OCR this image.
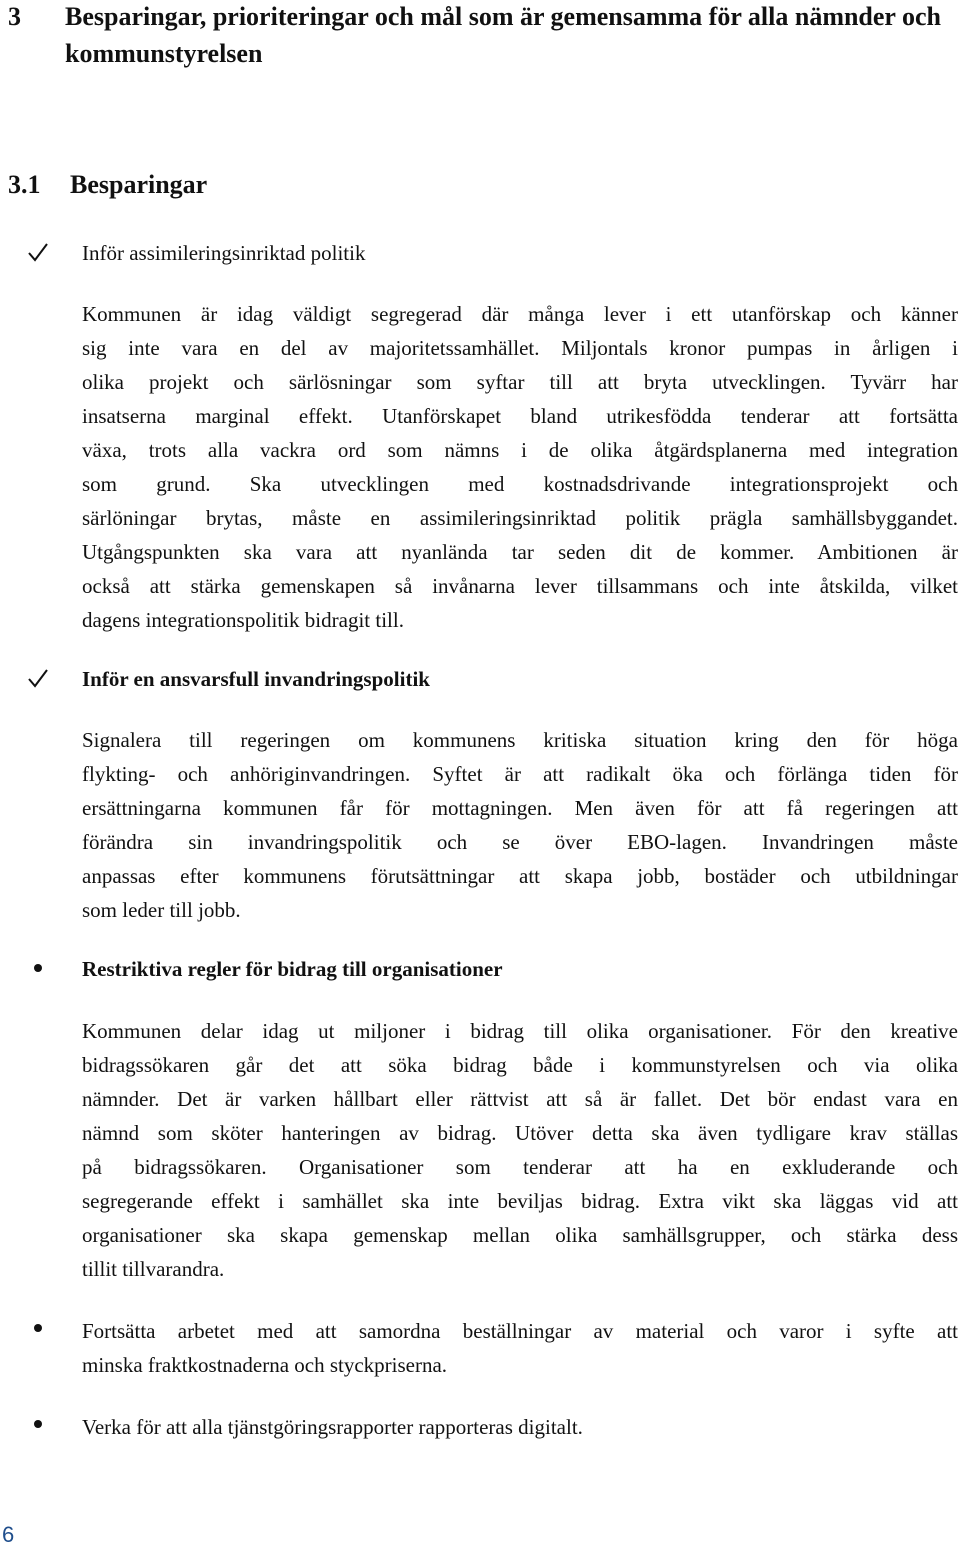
3 Besparingar, prioriteringar och mål som är gemensamma för alla nämnder och kommunstyrelsen
3.1 Besparingar
Inför assimileringsinriktad politik
Kommunen är idag väldigt segregerad där många lever i ett utanförskap och känner
sig inte vara en del av majoritetssamhället. Miljontals kronor pumpas in årligen i
olika projekt och särlösningar som syftar till att bryta utvecklingen. Tyvärr har
insatserna marginal effekt. Utanförskapet bland utrikesfödda tenderar att fortsätta
växa, trots alla vackra ord som nämns i de olika åtgärdsplanerna med integration
som grund. Ska utvecklingen med kostnadsdrivande integrationsprojekt och
särlöningar brytas, måste en assimileringsinriktad politik prägla samhällsbyggandet.
Utgångspunkten ska vara att nyanlända tar seden dit de kommer. Ambitionen är
också att stärka gemenskapen så invånarna lever tillsammans och inte åtskilda, vilket
dagens integrationspolitik bidragit till.
Inför en ansvarsfull invandringspolitik
Signalera till regeringen om kommunens kritiska situation kring den för höga
flykting- och anhöriginvandringen. Syftet är att radikalt öka och förlänga tiden för
ersättningarna kommunen får för mottagningen. Men även för att få regeringen att
förändra sin invandringspolitik och se över EBO-lagen. Invandringen måste
anpassas efter kommunens förutsättningar att skapa jobb, bostäder och utbildningar
som leder till jobb.
Restriktiva regler för bidrag till organisationer
Kommunen delar idag ut miljoner i bidrag till olika organisationer. För den kreative
bidragssökaren går det att söka bidrag både i kommunstyrelsen och via olika
nämnder. Det är varken hållbart eller rättvist att så är fallet. Det bör endast vara en
nämnd som sköter hanteringen av bidrag. Utöver detta ska även tydligare krav ställas
på bidragssökaren. Organisationer som tenderar att ha en exkluderande och
segregerande effekt i samhället ska inte beviljas bidrag. Extra vikt ska läggas vid att
organisationer ska skapa gemenskap mellan olika samhällsgrupper, och stärka dess
tillit tillvarandra.
Fortsätta arbetet med att samordna beställningar av material och varor i syfte att
minska fraktkostnaderna och styckpriserna.
Verka för att alla tjänstgöringsrapporter rapporteras digitalt.
6
